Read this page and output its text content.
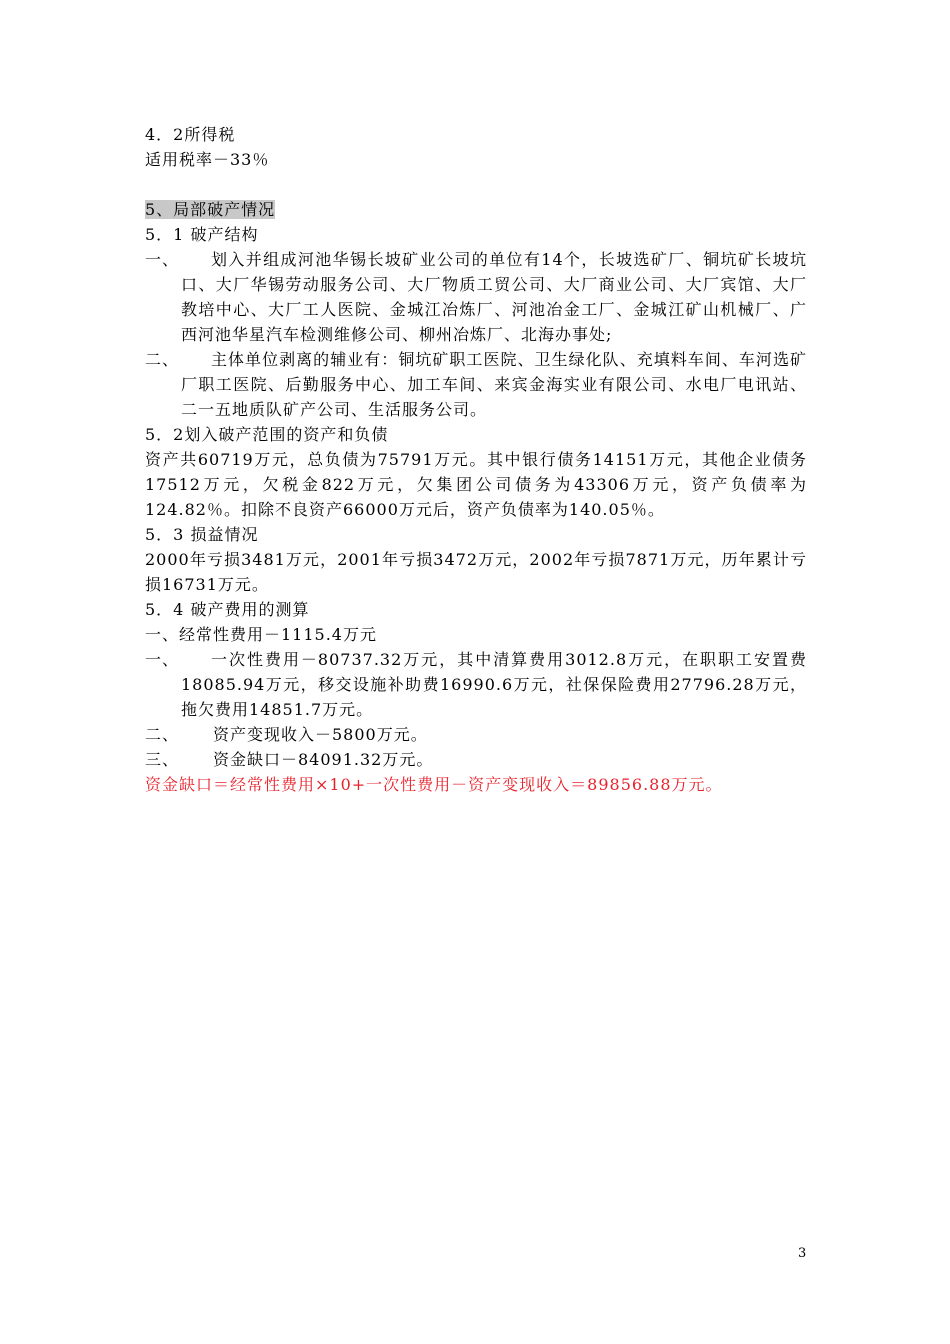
4．2所得税

适用税率－33％

5、局部破产情况

5．1 破产结构

一、	划入并组成河池华锡长坡矿业公司的单位有14个，长坡选矿厂、铜坑矿长坡坑口、大厂华锡劳动服务公司、大厂物质工贸公司、大厂商业公司、大厂宾馆、大厂教培中心、大厂工人医院、金城江冶炼厂、河池冶金工厂、金城江矿山机械厂、广西河池华星汽车检测维修公司、柳州冶炼厂、北海办事处;
二、	主体单位剥离的辅业有：铜坑矿职工医院、卫生绿化队、充填料车间、车河选矿厂职工医院、后勤服务中心、加工车间、来宾金海实业有限公司、水电厂电讯站、二一五地质队矿产公司、生活服务公司。

5．2划入破产范围的资产和负债

资产共60719万元，总负债为75791万元。其中银行债务14151万元，其他企业债务17512万元，欠税金822万元，欠集团公司债务为43306万元，资产负债率为124.82％。扣除不良资产66000万元后，资产负债率为140.05％。

5．3 损益情况

2000年亏损3481万元，2001年亏损3472万元，2002年亏损7871万元，历年累计亏损16731万元。

5．4 破产费用的测算

一、经常性费用－1115.4万元

一、	一次性费用－80737.32万元，其中清算费用3012.8万元，在职职工安置费18085.94万元，移交设施补助费16990.6万元，社保保险费用27796.28万元，拖欠费用14851.7万元。
二、	资产变现收入－5800万元。
三、	资金缺口－84091.32万元。

资金缺口＝经常性费用×10+一次性费用－资产变现收入＝89856.88万元。

3
